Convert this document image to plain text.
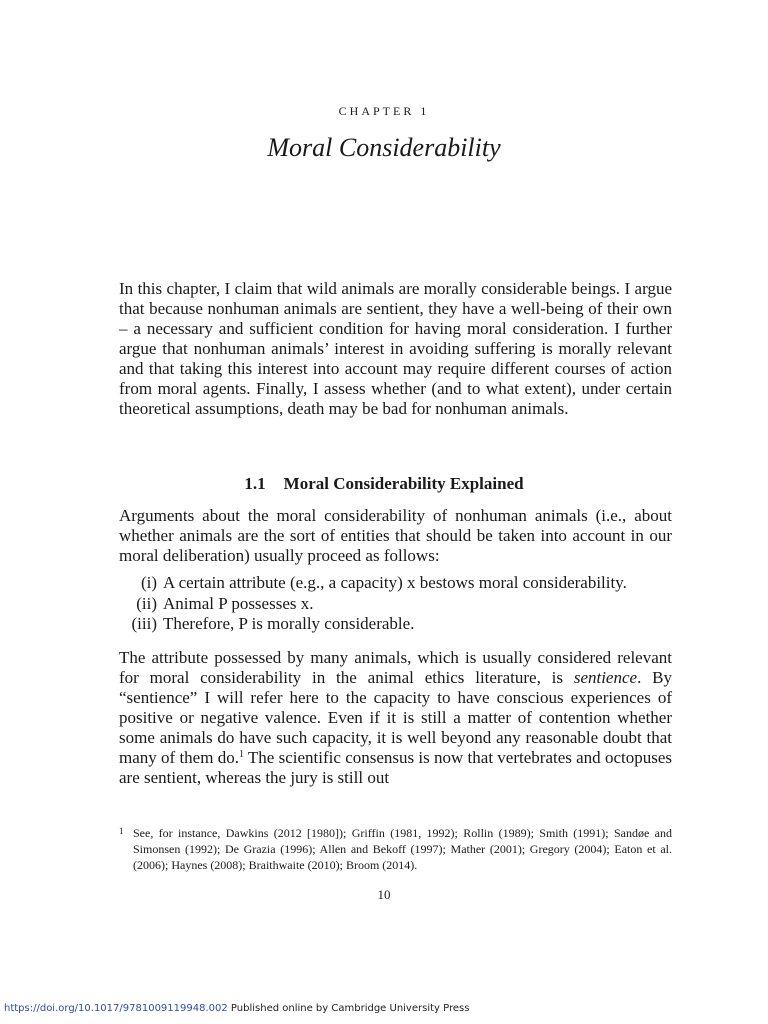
CHAPTER 1
Moral Considerability

In this chapter, I claim that wild animals are morally considerable beings. I argue that because nonhuman animals are sentient, they have a well-being of their own – a necessary and sufficient condition for having moral consideration. I further argue that nonhuman animals’ interest in avoiding suffering is morally relevant and that taking this interest into account may require different courses of action from moral agents. Finally, I assess whether (and to what extent), under certain theoretical assumptions, death may be bad for nonhuman animals.

1.1 Moral Considerability Explained

Arguments about the moral considerability of nonhuman animals (i.e., about whether animals are the sort of entities that should be taken into account in our moral deliberation) usually proceed as follows:

(i) A certain attribute (e.g., a capacity) x bestows moral considerability.
(ii) Animal P possesses x.
(iii) Therefore, P is morally considerable.

The attribute possessed by many animals, which is usually considered relevant for moral considerability in the animal ethics literature, is sentience. By “sentience” I will refer here to the capacity to have conscious experiences of positive or negative valence. Even if it is still a matter of contention whether some animals do have such capacity, it is well beyond any reasonable doubt that many of them do.$^1$ The scientific consensus is now that vertebrates and octopuses are sentient, whereas the jury is still out

1 See, for instance, Dawkins (2012 [1980]); Griffin (1981, 1992); Rollin (1989); Smith (1991); Sandøe and Simonsen (1992); De Grazia (1996); Allen and Bekoff (1997); Mather (2001); Gregory (2004); Eaton et al. (2006); Haynes (2008); Braithwaite (2010); Broom (2014).

10
https://doi.org/10.1017/9781009119948.002 Published online by Cambridge University Press
